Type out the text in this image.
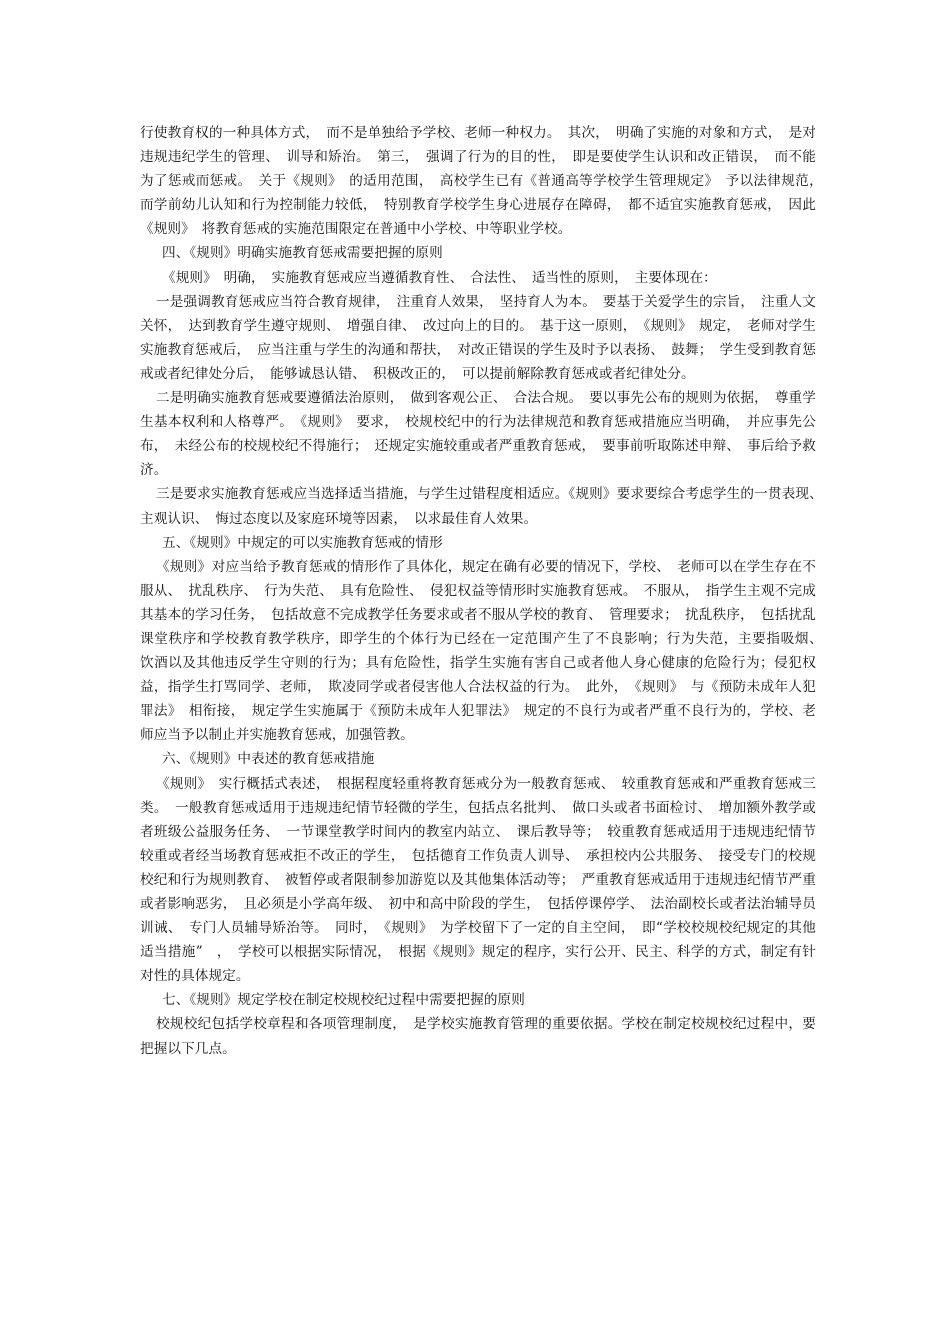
行使教育权的一种具体方式，　而不是单独给予学校、老师一种权力。　其次，　明确了实施的对象和方式，　是对违规违纪学生的管理、　训导和矫治。　第三，　强调了行为的目的性，　即是要使学生认识和改正错误，　而不能为了惩戒而惩戒。　关于《规则》　的适用范围，　高校学生已有《普通高等学校学生管理规定》　予以法律规范，　而学前幼儿认知和行为控制能力较低，　特别教育学校学生身心进展存在障碍，　都不适宜实施教育惩戒，　因此《规则》　将教育惩戒的实施范围限定在普通中小学校、中等职业学校。

四、《规则》明确实施教育惩戒需要把握的原则

《规则》　明确，　实施教育惩戒应当遵循教育性、　合法性、　适当性的原则，　主要体现在：

一是强调教育惩戒应当符合教育规律，　注重育人效果，　坚持育人为本。　要基于关爱学生的宗旨，　注重人文关怀，　达到教育学生遵守规则、　增强自律、　改过向上的目的。　基于这一原则，　《规则》　规定，　老师对学生实施教育惩戒后，　应当注重与学生的沟通和帮扶，　对改正错误的学生及时予以表扬、　鼓舞；　学生受到教育惩戒或者纪律处分后，　能够诚恳认错、　积极改正的，　可以提前解除教育惩戒或者纪律处分。

二是明确实施教育惩戒要遵循法治原则，　做到客观公正、　合法合规。　要以事先公布的规则为依据，　尊重学生基本权利和人格尊严。　《规则》　要求，　校规校纪中的行为法律规范和教育惩戒措施应当明确，　并应事先公布，　未经公布的校规校纪不得施行；　还规定实施较重或者严重教育惩戒，　要事前听取陈述申辩、　事后给予救济。

三是要求实施教育惩戒应当选择适当措施，与学生过错程度相适应。《规则》要求要综合考虑学生的一贯表现、　主观认识、　悔过态度以及家庭环境等因素，　以求最佳育人效果。

五、《规则》中规定的可以实施教育惩戒的情形

《规则》对应当给予教育惩戒的情形作了具体化，规定在确有必要的情况下，学校、　老师可以在学生存在不服从、　扰乱秩序、　行为失范、　具有危险性、　侵犯权益等情形时实施教育惩戒。　不服从，　指学生主观不完成其基本的学习任务，　包括故意不完成教学任务要求或者不服从学校的教育、　管理要求；　扰乱秩序，　包括扰乱课堂秩序和学校教育教学秩序，即学生的个体行为已经在一定范围产生了不良影响；行为失范，主要指吸烟、　饮酒以及其他违反学生守则的行为；具有危险性，指学生实施有害自己或者他人身心健康的危险行为；侵犯权益，指学生打骂同学、老师，　欺凌同学或者侵害他人合法权益的行为。　此外，　《规则》　与《预防未成年人犯罪法》　相衔接，　规定学生实施属于《预防未成年人犯罪法》　规定的不良行为或者严重不良行为的，学校、老师应当予以制止并实施教育惩戒，加强管教。

六、《规则》中表述的教育惩戒措施

《规则》　实行概括式表述，　根据程度轻重将教育惩戒分为一般教育惩戒、　较重教育惩戒和严重教育惩戒三类。　一般教育惩戒适用于违规违纪情节轻微的学生，包括点名批判、　做口头或者书面检讨、　增加额外教学或者班级公益服务任务、　一节课堂教学时间内的教室内站立、　课后教导等；　较重教育惩戒适用于违规违纪情节较重或者经当场教育惩戒拒不改正的学生，　包括德育工作负责人训导、　承担校内公共服务、　接受专门的校规校纪和行为规则教育、　被暂停或者限制参加游览以及其他集体活动等；　严重教育惩戒适用于违规违纪情节严重或者影响恶劣，　且必须是小学高年级、　初中和高中阶段的学生，　包括停课停学、　法治副校长或者法治辅导员训诫、　专门人员辅导矫治等。　同时，　《规则》　为学校留下了一定的自主空间，　即“学校校规校纪规定的其他适当措施”　，　学校可以根据实际情况，　根据《规则》规定的程序，实行公开、民主、科学的方式，制定有针对性的具体规定。

七、《规则》规定学校在制定校规校纪过程中需要把握的原则

校规校纪包括学校章程和各项管理制度，　是学校实施教育管理的重要依据。学校在制定校规校纪过程中，要把握以下几点。
